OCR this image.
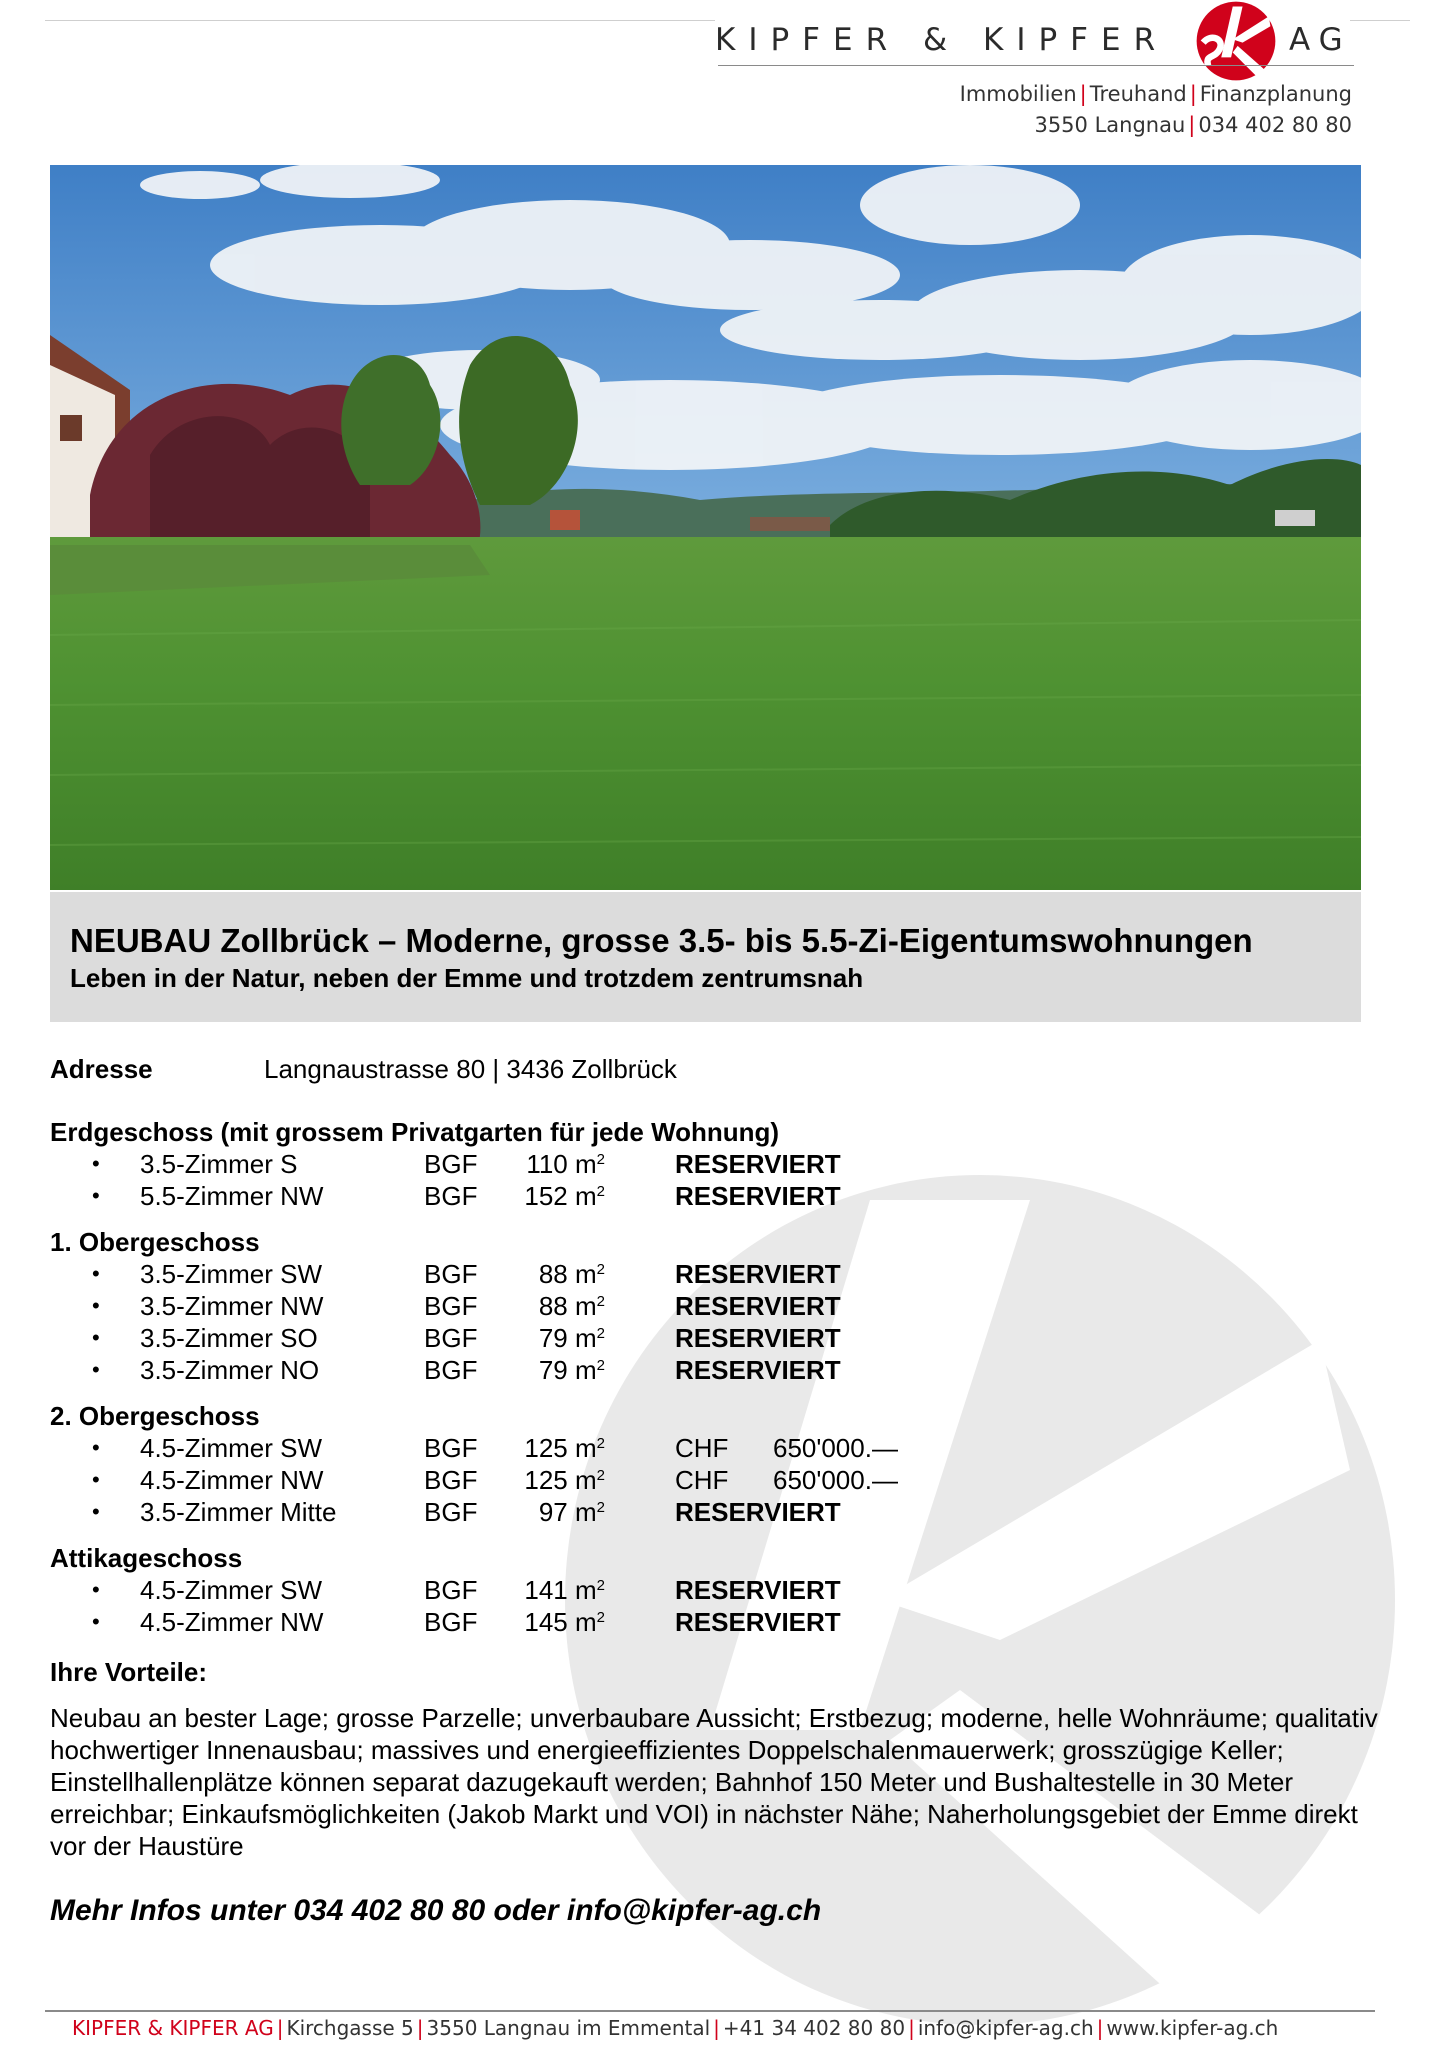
KIPFER & KIPFER	AG
Immobilien | Treuhand | Finanzplanung
3550 Langnau | 034 402 80 80
NEUBAU Zollbrück – Moderne, grosse 3.5- bis 5.5-Zi-Eigentumswohnungen
Leben in der Natur, neben der Emme und trotzdem zentrumsnah
Adresse	Langnaustrasse 80 | 3436 Zollbrück
Erdgeschoss (mit grossem Privatgarten für jede Wohnung)
• 3.5-Zimmer S	BGF	110 $m^2$	RESERVIERT
• 5.5-Zimmer NW	BGF	152 $m^2$	RESERVIERT
1. Obergeschoss
• 3.5-Zimmer SW	BGF	88 $m^2$	RESERVIERT
• 3.5-Zimmer NW	BGF	88 $m^2$	RESERVIERT
• 3.5-Zimmer SO	BGF	79 $m^2$	RESERVIERT
• 3.5-Zimmer NO	BGF	79 $m^2$	RESERVIERT
2. Obergeschoss
• 4.5-Zimmer SW	BGF	125 $m^2$	CHF 650'000.—
• 4.5-Zimmer NW	BGF	125 $m^2$	CHF 650'000.—
• 3.5-Zimmer Mitte	BGF	97 $m^2$	RESERVIERT
Attikageschoss
• 4.5-Zimmer SW	BGF	141 $m^2$	RESERVIERT
• 4.5-Zimmer NW	BGF	145 $m^2$	RESERVIERT
Ihre Vorteile:
Neubau an bester Lage; grosse Parzelle; unverbaubare Aussicht; Erstbezug; moderne, helle Wohnräume; qualitativ hochwertiger Innenausbau; massives und energieeffizientes Doppelschalenmauerwerk; grosszügige Keller; Einstellhallenplätze können separat dazugekauft werden; Bahnhof 150 Meter und Bushaltestelle in 30 Meter erreichbar; Einkaufsmöglichkeiten (Jakob Markt und VOI) in nächster Nähe; Naherholungsgebiet der Emme direkt vor der Haustüre
Mehr Infos unter 034 402 80 80 oder info@kipfer-ag.ch
KIPFER & KIPFER AG | Kirchgasse 5 | 3550 Langnau im Emmental | +41 34 402 80 80 | info@kipfer-ag.ch | www.kipfer-ag.ch
